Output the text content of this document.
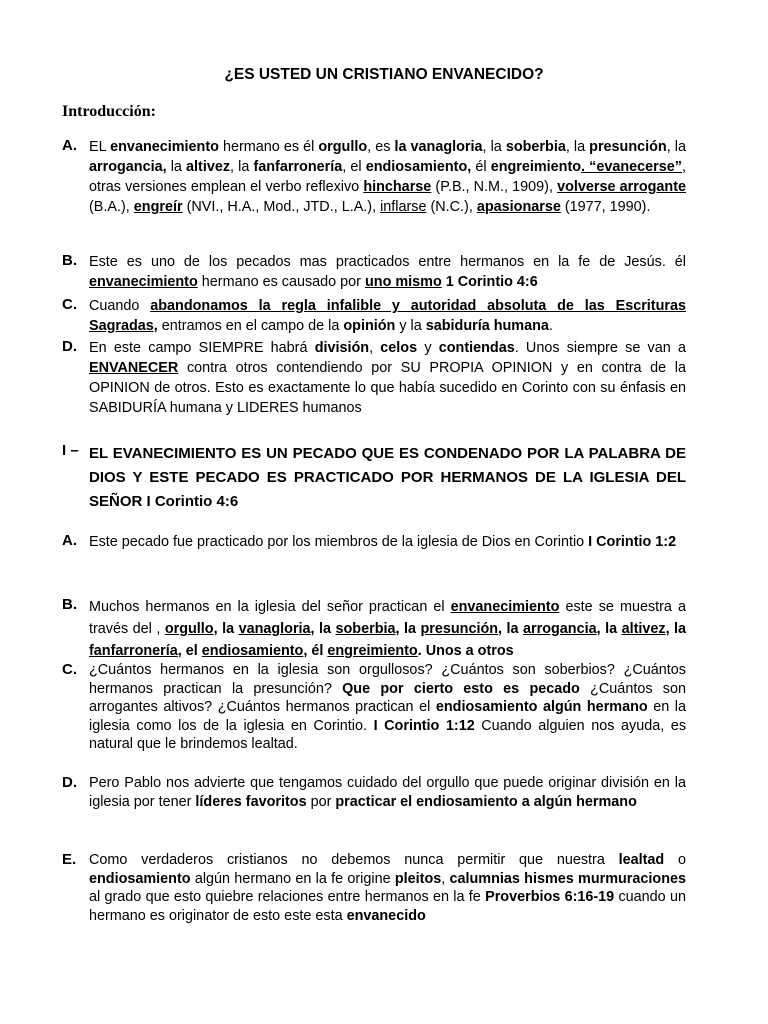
¿ES USTED UN CRISTIANO ENVANECIDO?
Introducción:
A. EL envanecimiento hermano es él orgullo, es la vanagloria, la soberbia, la presunción, la arrogancia, la altivez, la fanfarronería, el endiosamiento, él engreimiento. “evanecerse”, otras versiones emplean el verbo reflexivo hincharse (P.B., N.M., 1909), volverse arrogante (B.A.), engreír (NVI., H.A., Mod., JTD., L.A.), inflarse (N.C.), apasionarse (1977, 1990).
B. Este es uno de los pecados mas practicados entre hermanos en la fe de Jesús. él envanecimiento hermano es causado por uno mismo 1 Corintio 4:6
C. Cuando abandonamos la regla infalible y autoridad absoluta de las Escrituras Sagradas, entramos en el campo de la opinión y la sabiduría humana.
D. En este campo SIEMPRE habrá división, celos y contiendas. Unos siempre se van a ENVANECER contra otros contendiendo por SU PROPIA OPINION y en contra de la OPINION de otros. Esto es exactamente lo que había sucedido en Corinto con su énfasis en SABIDURÍA humana y LIDERES humanos
I – EL EVANECIMIENTO ES UN PECADO QUE ES CONDENADO POR LA PALABRA DE DIOS Y ESTE PECADO ES PRACTICADO POR HERMANOS DE LA IGLESIA DEL SEÑOR I Corintio 4:6
A. Este pecado fue practicado por los miembros de la iglesia de Dios en Corintio I Corintio 1:2
B. Muchos hermanos en la iglesia del señor practican el envanecimiento este se muestra a través del , orgullo, la vanagloria, la soberbia, la presunción, la arrogancia, la altivez, la fanfarronería, el endiosamiento, él engreimiento. Unos a otros
C. ¿Cuántos hermanos en la iglesia son orgullosos? ¿Cuántos son soberbios? ¿Cuántos hermanos practican la presunción? Que por cierto esto es pecado ¿Cuántos son arrogantes altivos? ¿Cuántos hermanos practican el endiosamiento algún hermano en la iglesia como los de la iglesia en Corintio. I Corintio 1:12 Cuando alguien nos ayuda, es natural que le brindemos lealtad.
D. Pero Pablo nos advierte que tengamos cuidado del orgullo que puede originar división en la iglesia por tener líderes favoritos por practicar el endiosamiento a algún hermano
E. Como verdaderos cristianos no debemos nunca permitir que nuestra lealtad o endiosamiento algún hermano en la fe origine pleitos, calumnias hismes murmuraciones al grado que esto quiebre relaciones entre hermanos en la fe Proverbios 6:16-19 cuando un hermano es originator de esto este esta envanecido
